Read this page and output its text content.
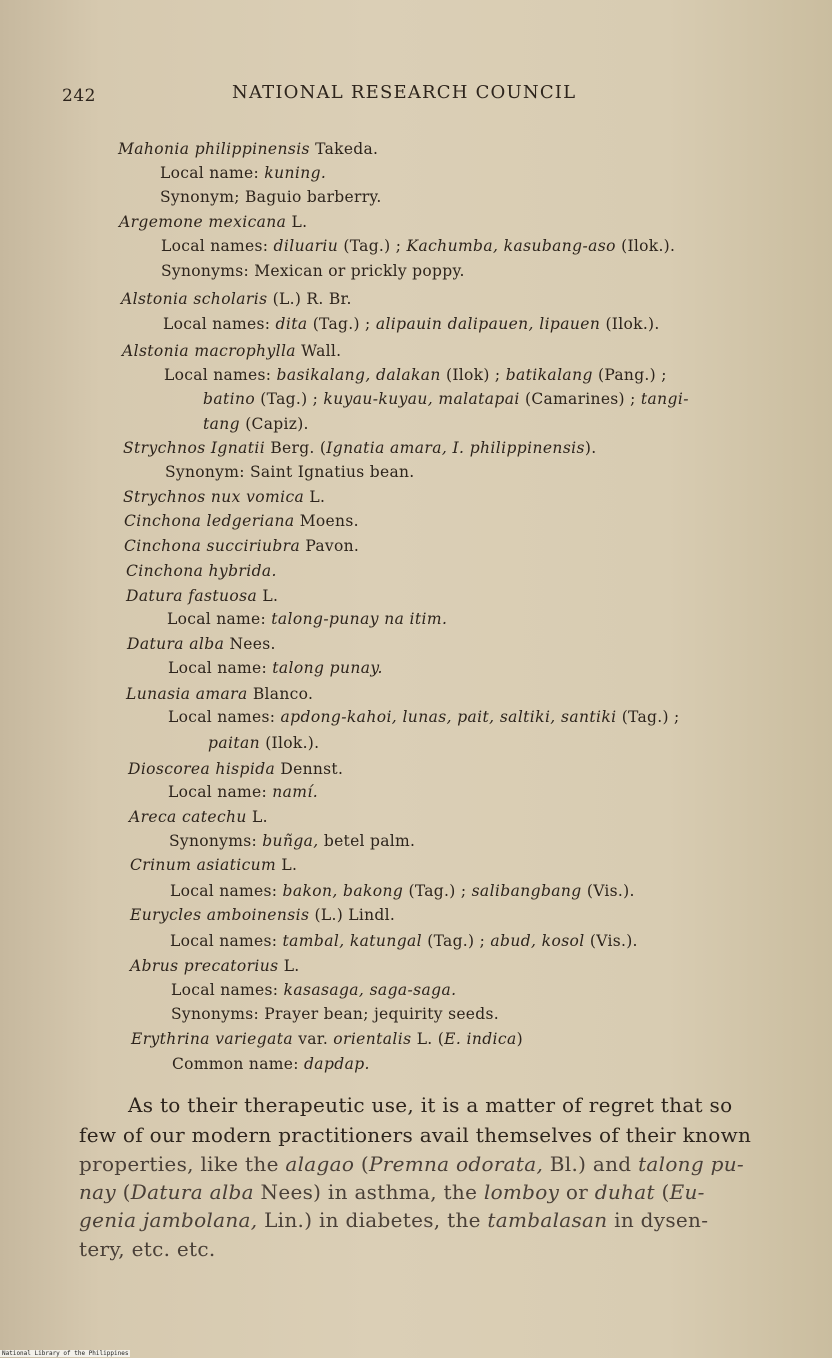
242	NATIONAL RESEARCH COUNCIL
Mahonia philippinensis Takeda.
Local name: kuning.
Synonym; Baguio barberry.
Argemone mexicana L.
Local names: diluariu (Tag.) ; Kachumba, kasubang-aso (Ilok.).
Synonyms: Mexican or prickly poppy.
Alstonia scholaris (L.) R. Br.
Local names: dita (Tag.) ; alipauin dalipauen, lipauen (Ilok.).
Alstonia macrophylla Wall.
Local names: basikalang, dalakan (Ilok) ; batikalang (Pang.) ;
batino (Tag.) ; kuyau-kuyau, malatapai (Camarines) ; tangi-
tang (Capiz).
Strychnos Ignatii Berg. (Ignatia amara, I. philippinensis).
Synonym: Saint Ignatius bean.
Strychnos nux vomica L.
Cinchona ledgeriana Moens.
Cinchona succiriubra Pavon.
Cinchona hybrida.
Datura fastuosa L.
Local name: talong-punay na itim.
Datura alba Nees.
Local name: talong punay.
Lunasia amara Blanco.
Local names: apdong-kahoi, lunas, pait, saltiki, santiki (Tag.) ;
paitan (Ilok.).
Dioscorea hispida Dennst.
Local name: namí.
Areca catechu L.
Synonyms: buñga, betel palm.
Crinum asiaticum L.
Local names: bakon, bakong (Tag.) ; salibangbang (Vis.).
Eurycles amboinensis (L.) Lindl.
Local names: tambal, katungal (Tag.) ; abud, kosol (Vis.).
Abrus precatorius L.
Local names: kasasaga, saga-saga.
Synonyms: Prayer bean; jequirity seeds.
Erythrina variegata var. orientalis L. (E. indica)
Common name: dapdap.
As to their therapeutic use, it is a matter of regret that so
few of our modern practitioners avail themselves of their known
properties, like the alagao (Premna odorata, Bl.) and talong pu-
nay (Datura alba Nees) in asthma, the lomboy or duhat (Eu-
genia jambolana, Lin.) in diabetes, the tambalasan in dysen-
tery, etc. etc.
National Library of the Philippines
